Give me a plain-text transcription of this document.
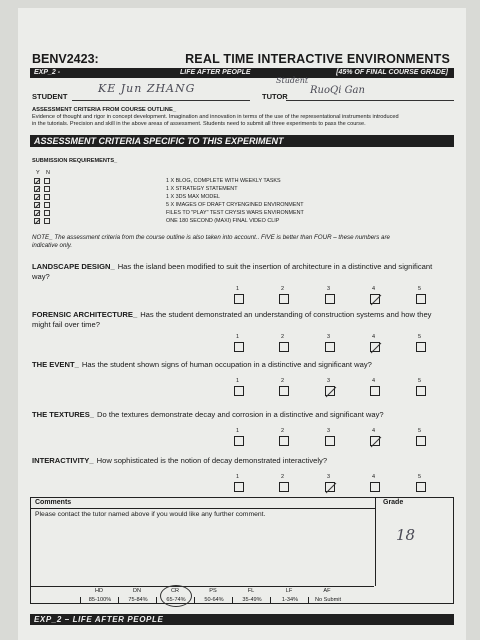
BENV2423:	REAL TIME INTERACTIVE ENVIRONMENTS
EXP_2 -	LIFE AFTER PEOPLE	[45% OF FINAL COURSE GRADE]
STUDENT
KE Jun ZHANG
TUTOR
Student
RuoQi Gan
ASSESSMENT CRITERIA FROM COURSE OUTLINE_
Evidence of thought and rigor in concept development. Imagination and innovation in terms of the use of the representational instruments introduced
in the tutorials. Precision and skill in the above areas of assessment. Students need to submit all three experiments to pass the course.
ASSESSMENT CRITERIA SPECIFIC TO THIS EXPERIMENT
SUBMISSION REQUIREMENTS_
Y N
1 X BLOG, COMPLETE WITH WEEKLY TASKS
1 X STRATEGY STATEMENT
1 X 3DS MAX MODEL
5 X IMAGES OF DRAFT CRYENGINED ENVIRONMENT
FILES TO "PLAY" TEST CRYSIS WARS ENVIRONMENT
ONE 180 SECOND (MAXI) FINAL VIDEO CLIP
NOTE_ The assessment criteria from the course outline is also taken into account.. FIVE is better than FOUR – these numbers are
indicative only.
LANDSCAPE DESIGN_ Has the island been modified to suit the insertion of architecture in a distinctive and significant
way?
1	2	3	4	5
FORENSIC ARCHITECTURE_ Has the student demonstrated an understanding of construction systems and how they
might fail over time?
1	2	3	4	5
THE EVENT_ Has the student shown signs of human occupation in a distinctive and significant way?
1	2	3	4	5
THE TEXTURES_ Do the textures demonstrate decay and corrosion in a distinctive and significant way?
1	2	3	4	5
INTERACTIVITY_ How sophisticated is the notion of decay demonstrated interactively?
1	2	3	4	5
Comments
Please contact the tutor named above if you would like any further comment.
Grade
18
HD
85-100%
DN
75-84%
CR
65-74%
PS
50-64%
FL
35-49%
LF
1-34%
AF
No Submit
EXP_2 – LIFE AFTER PEOPLE
